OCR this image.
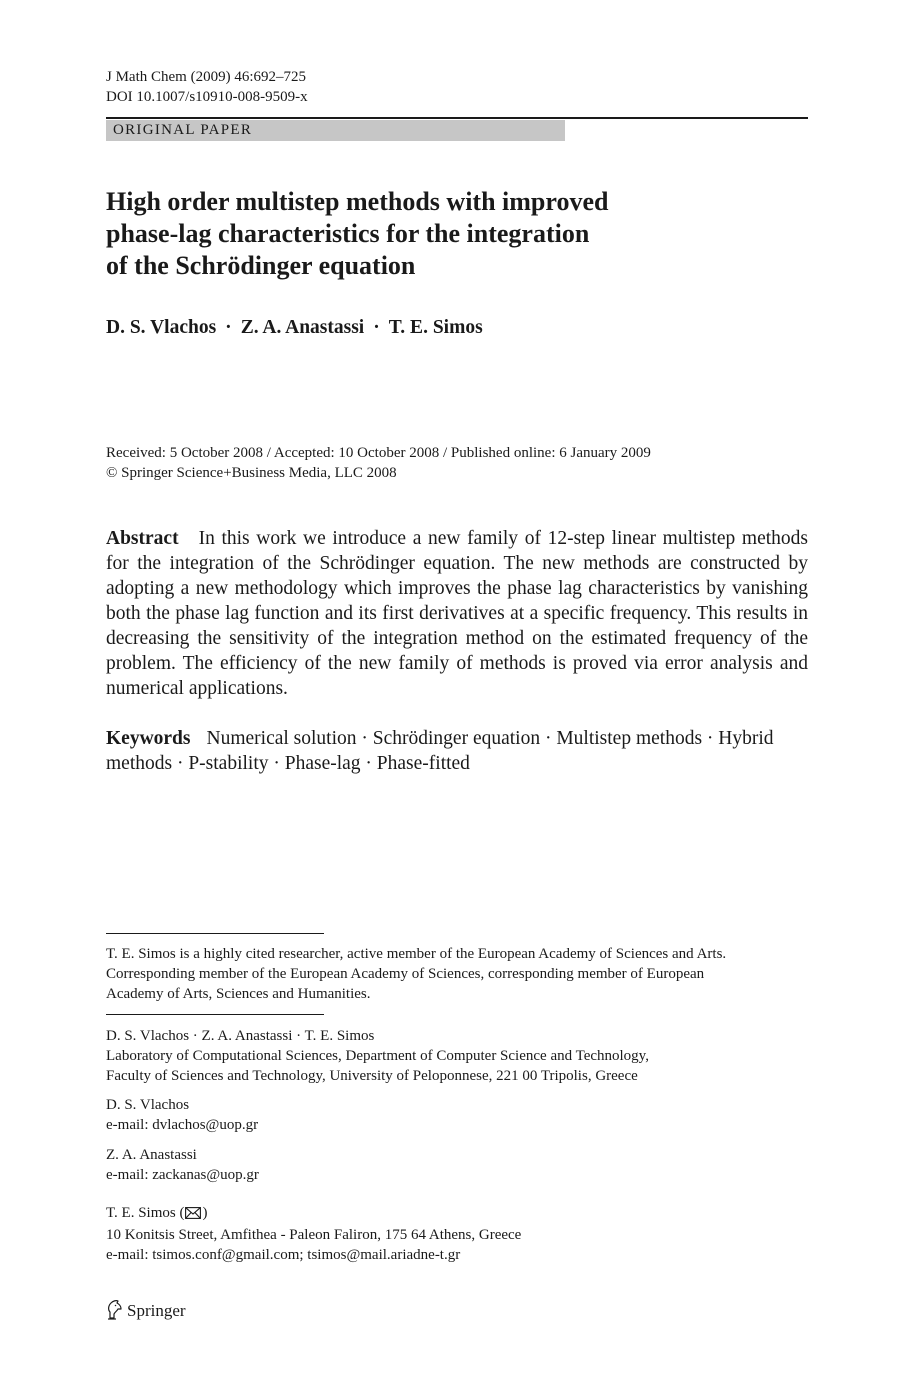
J Math Chem (2009) 46:692–725
DOI 10.1007/s10910-008-9509-x
ORIGINAL PAPER
High order multistep methods with improved
phase-lag characteristics for the integration
of the Schrödinger equation
D. S. Vlachos · Z. A. Anastassi · T. E. Simos
Received: 5 October 2008 / Accepted: 10 October 2008 / Published online: 6 January 2009
© Springer Science+Business Media, LLC 2008
Abstract In this work we introduce a new family of 12-step linear multistep methods for the integration of the Schrödinger equation. The new methods are constructed by adopting a new methodology which improves the phase lag characteristics by vanishing both the phase lag function and its first derivatives at a specific frequency. This results in decreasing the sensitivity of the integration method on the estimated frequency of the problem. The efficiency of the new family of methods is proved via error analysis and numerical applications.
Keywords Numerical solution · Schrödinger equation · Multistep methods · Hybrid methods · P-stability · Phase-lag · Phase-fitted
T. E. Simos is a highly cited researcher, active member of the European Academy of Sciences and Arts.
Corresponding member of the European Academy of Sciences, corresponding member of European
Academy of Arts, Sciences and Humanities.
D. S. Vlachos · Z. A. Anastassi · T. E. Simos
Laboratory of Computational Sciences, Department of Computer Science and Technology,
Faculty of Sciences and Technology, University of Peloponnese, 221 00 Tripolis, Greece
D. S. Vlachos
e-mail: dvlachos@uop.gr
Z. A. Anastassi
e-mail: zackanas@uop.gr
T. E. Simos ( )
10 Konitsis Street, Amfithea - Paleon Faliron, 175 64 Athens, Greece
e-mail: tsimos.conf@gmail.com; tsimos@mail.ariadne-t.gr
Springer
